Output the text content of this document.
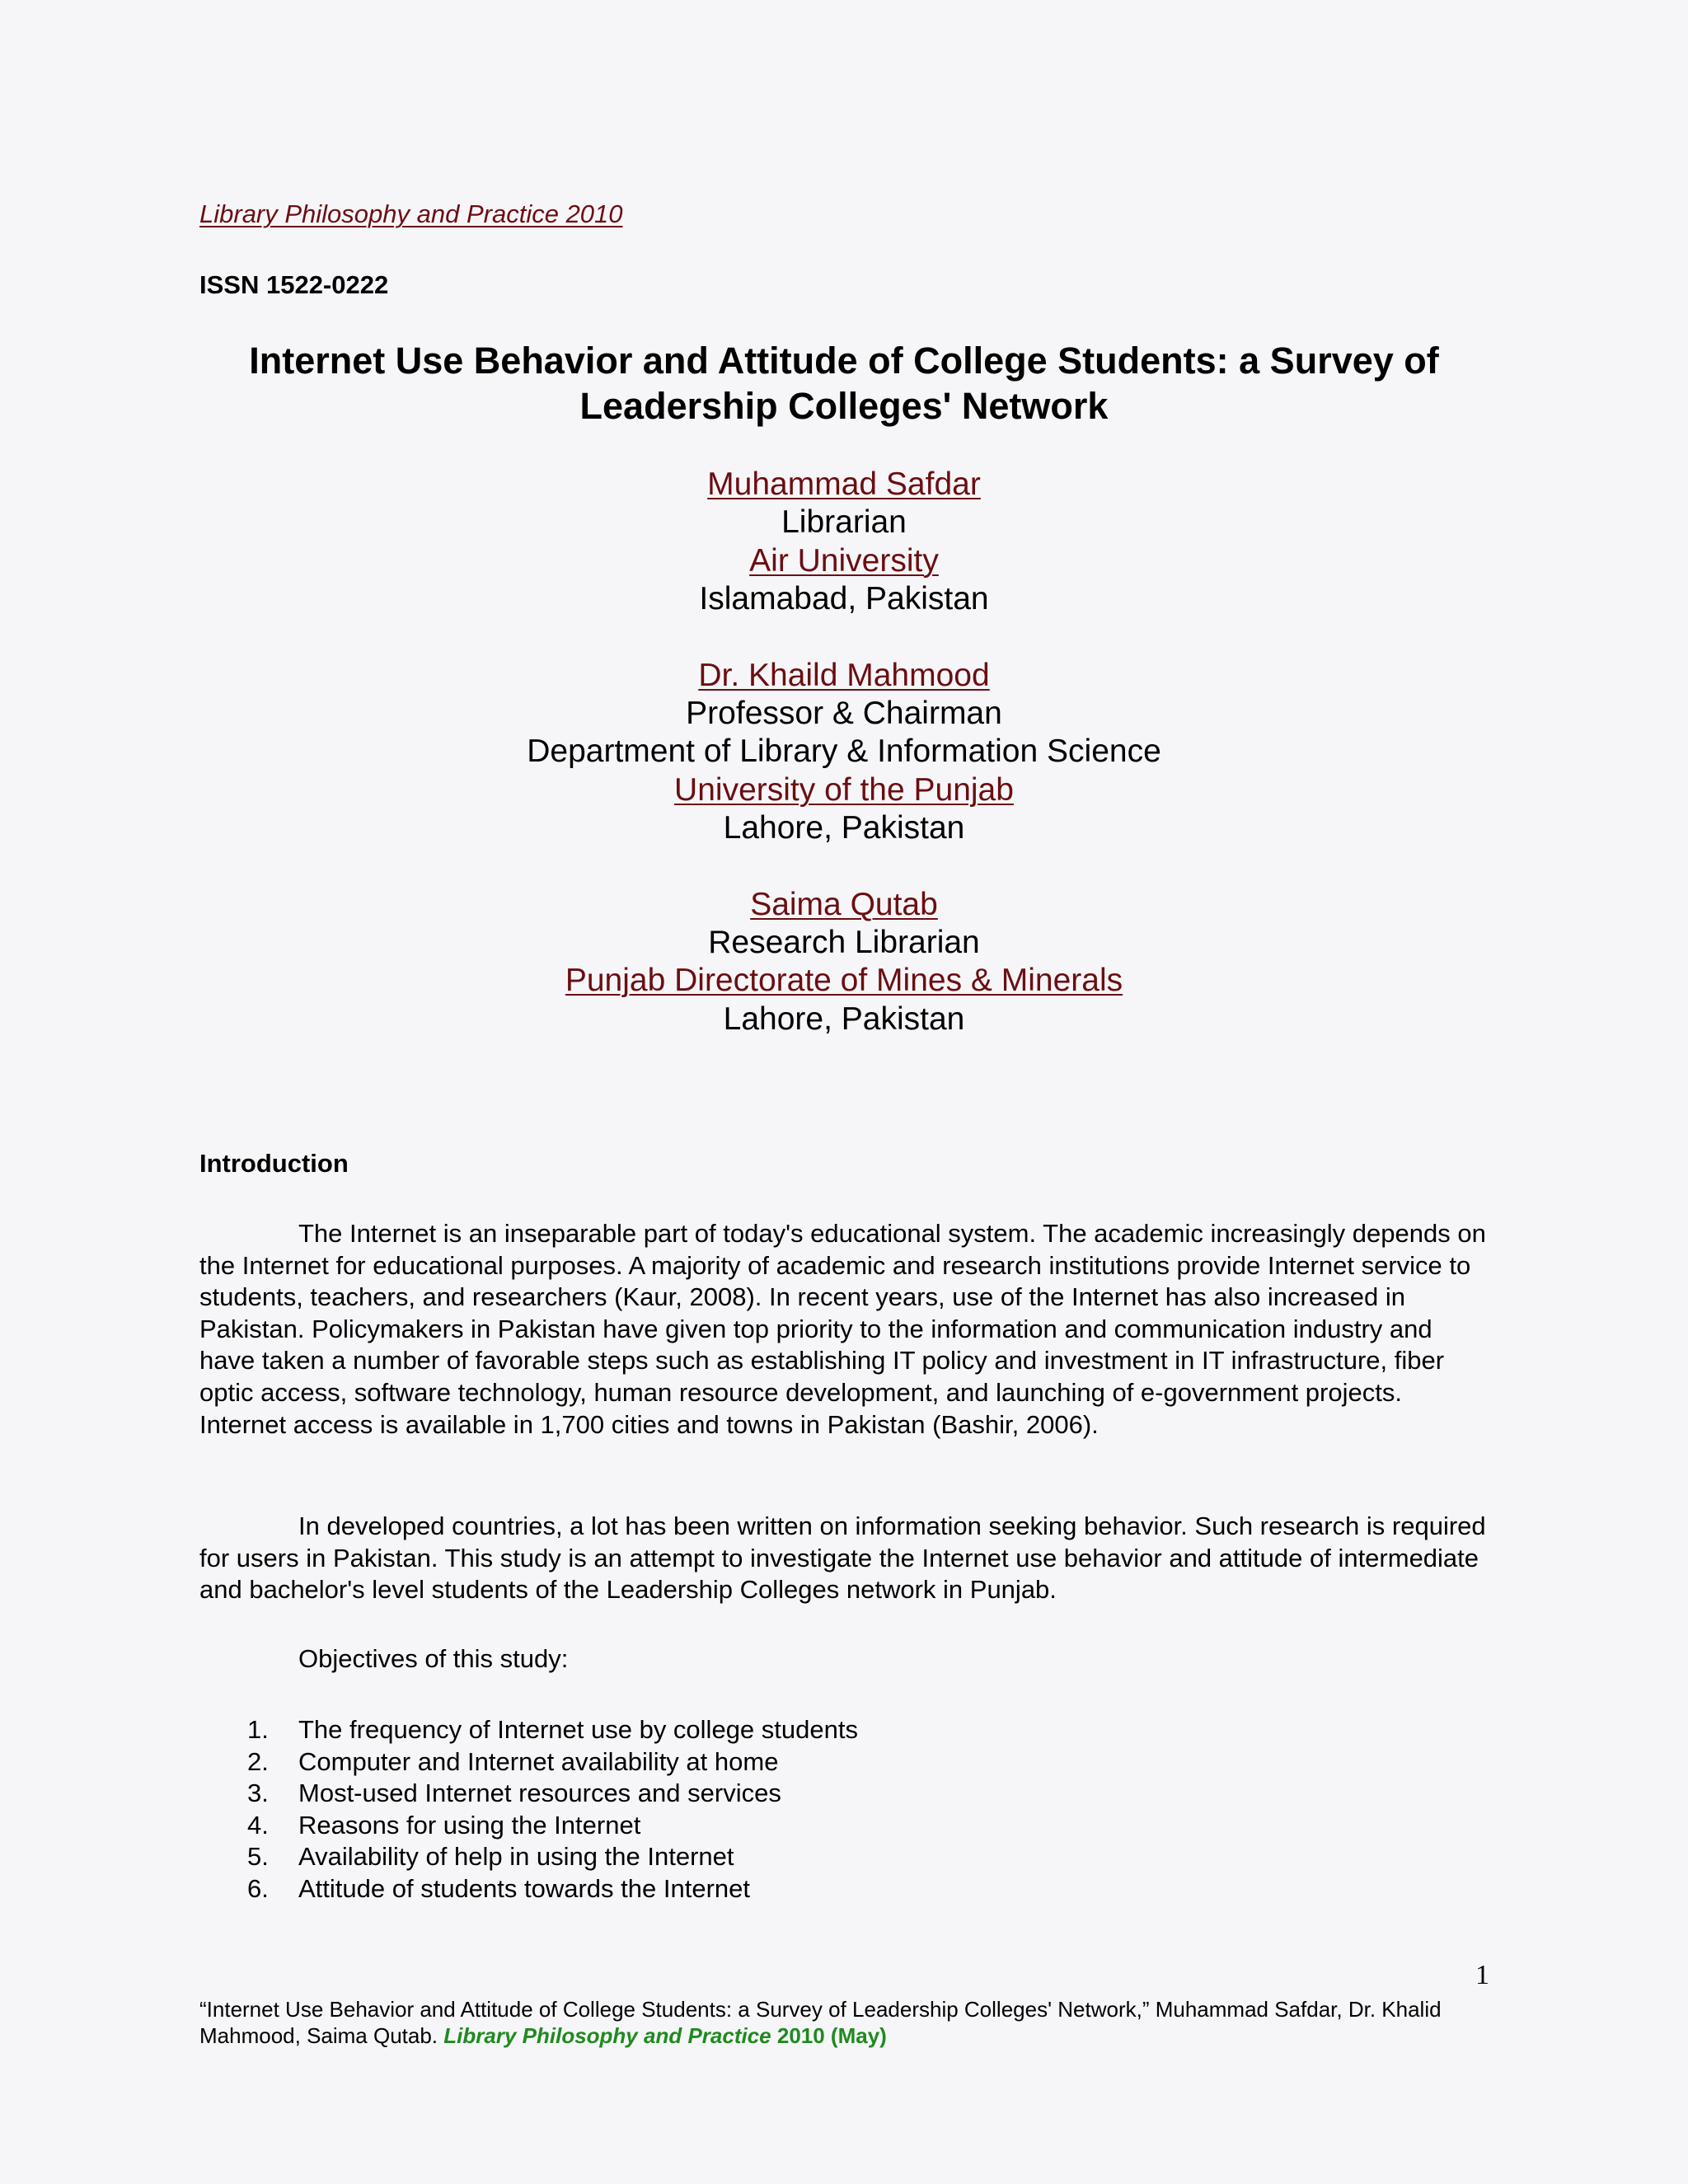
Library Philosophy and Practice 2010
ISSN 1522-0222
Internet Use Behavior and Attitude of College Students: a Survey of
Leadership Colleges' Network
Muhammad Safdar
Librarian
Air University
Islamabad, Pakistan
Dr. Khaild Mahmood
Professor & Chairman
Department of Library & Information Science
University of the Punjab
Lahore, Pakistan
Saima Qutab
Research Librarian
Punjab Directorate of Mines & Minerals
Lahore, Pakistan
Introduction

The Internet is an inseparable part of today's educational system. The academic increasingly depends on the Internet for educational purposes. A majority of academic and research institutions provide Internet service to students, teachers, and researchers (Kaur, 2008). In recent years, use of the Internet has also increased in Pakistan. Policymakers in Pakistan have given top priority to the information and communication industry and have taken a number of favorable steps such as establishing IT policy and investment in IT infrastructure, fiber optic access, software technology, human resource development, and launching of e-government projects. Internet access is available in 1,700 cities and towns in Pakistan (Bashir, 2006).

In developed countries, a lot has been written on information seeking behavior. Such research is required for users in Pakistan. This study is an attempt to investigate the Internet use behavior and attitude of intermediate and bachelor's level students of the Leadership Colleges network in Punjab.

Objectives of this study:
1.	The frequency of Internet use by college students
2.	Computer and Internet availability at home
3.	Most-used Internet resources and services
4.	Reasons for using the Internet
5.	Availability of help in using the Internet
6.	Attitude of students towards the Internet
1
“Internet Use Behavior and Attitude of College Students: a Survey of Leadership Colleges' Network,” Muhammad Safdar, Dr. Khalid Mahmood, Saima Qutab. Library Philosophy and Practice 2010 (May)
